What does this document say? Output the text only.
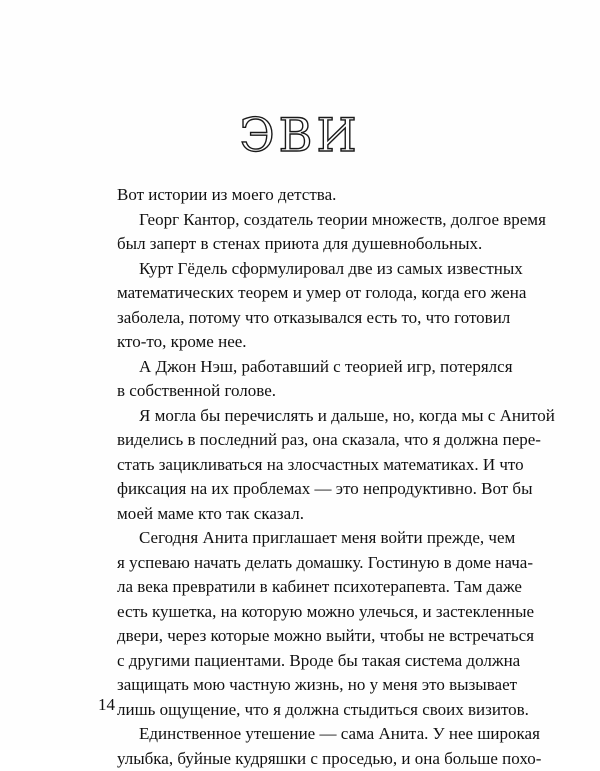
ЭВИ
Вот истории из моего детства.
Георг Кантор, создатель теории множеств, долгое время
был заперт в стенах приюта для душевнобольных.
Курт Гёдель сформулировал две из самых известных
математических теорем и умер от голода, когда его жена
заболела, потому что отказывался есть то, что готовил
кто-то, кроме нее.
А Джон Нэш, работавший с теорией игр, потерялся
в собственной голове.
Я могла бы перечислять и дальше, но, когда мы с Анитой
виделись в последний раз, она сказала, что я должна пере-
стать зацикливаться на злосчастных математиках. И что
фиксация на их проблемах — это непродуктивно. Вот бы
моей маме кто так сказал.
Сегодня Анита приглашает меня войти прежде, чем
я успеваю начать делать домашку. Гостиную в доме нача-
ла века превратили в кабинет психотерапевта. Там даже
есть кушетка, на которую можно улечься, и застекленные
двери, через которые можно выйти, чтобы не встречаться
с другими пациентами. Вроде бы такая система должна
защищать мою частную жизнь, но у меня это вызывает
лишь ощущение, что я должна стыдиться своих визитов.
Единственное утешение — сама Анита. У нее широкая
улыбка, буйные кудряшки с проседью, и она больше похо-
14
